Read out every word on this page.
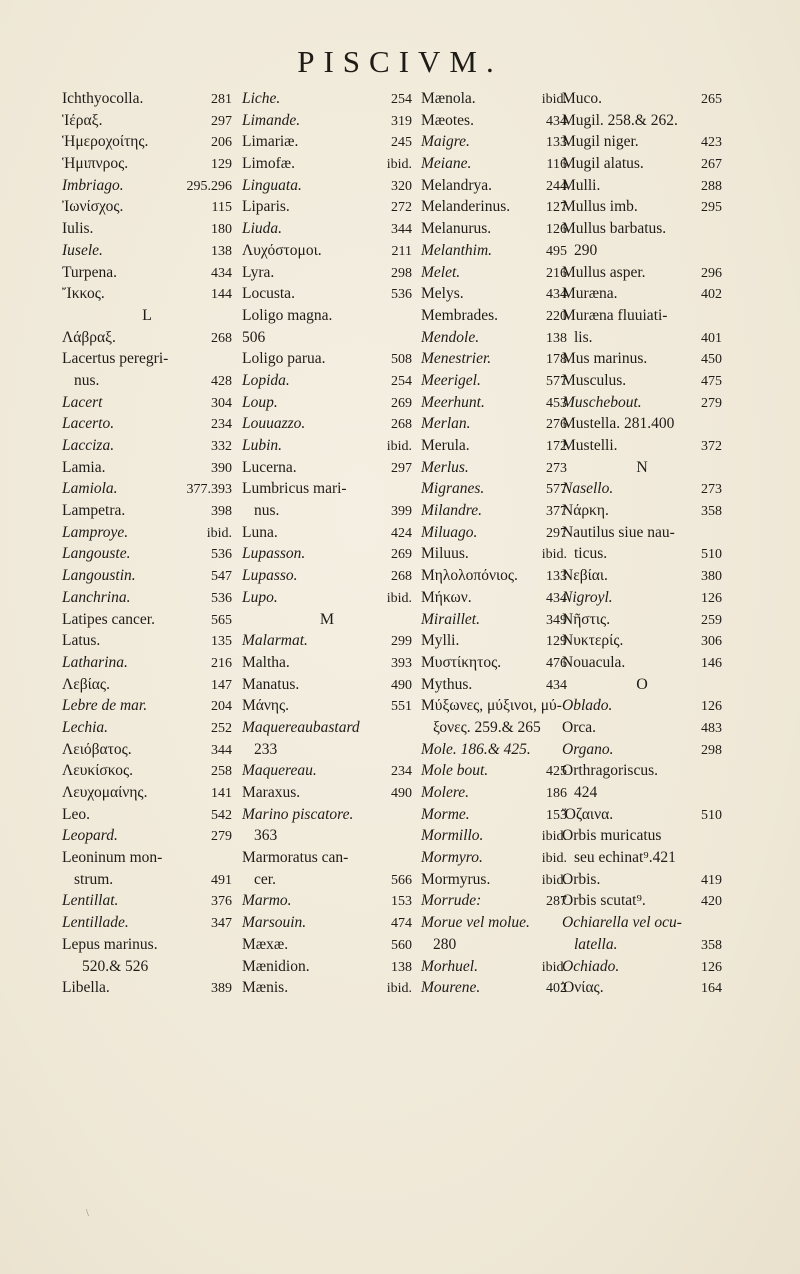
PISCIVM.
Ichthyocolla.	281
Ἱέραξ.	297
Ἡμεροχοίτης.	206
Ἡμιπνρος.	129
Imbriago.	295.296
Ἰωνίσχος.	115
Iulis.	180
Iusele.	138
Turpena.	434
Ἴκκος.	144
L
Λάβραξ.	268
Lacertus peregri-
nus.	428
Lacert	304
Lacerto.	234
Lacciza.	332
Lamia.	390
Lamiola.	377.393
Lampetra.	398
Lamproye.	ibid.
Langouste.	536
Langoustin.	547
Lanchrina.	536
Latipes cancer.	565
Latus.	135
Latharina.	216
Λεβίας.	147
Lebre de mar.	204
Lechia.	252
Λειόβατος.	344
Λευκίσκος.	258
Λευχομαίνης.	141
Leo.	542
Leopard.	279
Leoninum mon-
strum.	491
Lentillat.	376
Lentillade.	347
Lepus marinus.
520.& 526
Libella.	389
Liche.	254
Limande.	319
Limariæ.	245
Limofæ.	ibid.
Linguata.	320
Liparis.	272
Liuda.	344
Λυχόστομοι.	211
Lyra.	298
Locusta.	536
Loligo magna.
506
Loligo parua.	508
Lopida.	254
Loup.	269
Louuazzo.	268
Lubin.	ibid.
Lucerna.	297
Lumbricus mari-
nus.	399
Luna.	424
Lupasson.	269
Lupasso.	268
Lupo.	ibid.
M
Malarmat.	299
Maltha.	393
Manatus.	490
Μάνης.	551
Maquereaubastard
233
Maquereau.	234
Maraxus.	490
Marino piscatore.
363
Marmoratus can-
cer.	566
Marmo.	153
Marsouin.	474
Mæxæ.	560
Mænidion.	138
Mænis.	ibid.
Mænola.	ibid.
Mæotes.	434
Maigre.	133
Meiane.	116
Melandrya.	244
Melanderinus.	127
Melanurus.	126
Melanthim.	495
Melet.	216
Melys.	434
Membrades.	220
Mendole.	138
Menestrier.	178
Meerigel.	577
Meerhunt.	453
Merlan.	276
Merula.	172
Merlus.	273
Migranes.	577
Milandre.	377
Miluago.	297
Miluus.	ibid.
Μηλολοπόνιος. 133
Μήκων.	434
Miraillet.	349
Mylli.	129
Μυστίκητος.	476
Mythus.	434
Μύξωνες, μύξινοι, μύ-
ξονες. 259.& 265
Mole. 186.& 425.
Mole bout.	425
Molere.	186
Morme.	153
Mormillo.	ibid.
Mormyro.	ibid.
Mormyrus.	ibid.
Morrude:	287
Morue vel molue.
280
Morhuel.	ibid.
Mourene.	402
Muco.	265
Mugil. 258.& 262.
Mugil niger.	423
Mugil alatus.	267
Mulli.	288
Mullus imb.	295
Mullus barbatus.
290
Mullus asper.	296
Muræna.	402
Muræna fluuiati-
lis.	401
Mus marinus.	450
Musculus.	475
Muschebout.	279
Mustella. 281.400
Mustelli.	372
N
Nasello.	273
Νάρκη.	358
Nautilus siue nau-
ticus.	510
Νεβίαι.	380
Nigroyl.	126
Νῆστις.	259
Νυκτερίς.	306
Nouacula.	146
O
Oblado.	126
Orca.	483
Organo.	298
Orthragoriscus.
424
Ὄζαινα.	510
Orbis muricatus
seu echinat⁹.421
Orbis.	419
Orbis scutat⁹.	420
Ochiarella vel ocu-
latella.	358
Ochiado.	126
Ὀνίας.	164
\
